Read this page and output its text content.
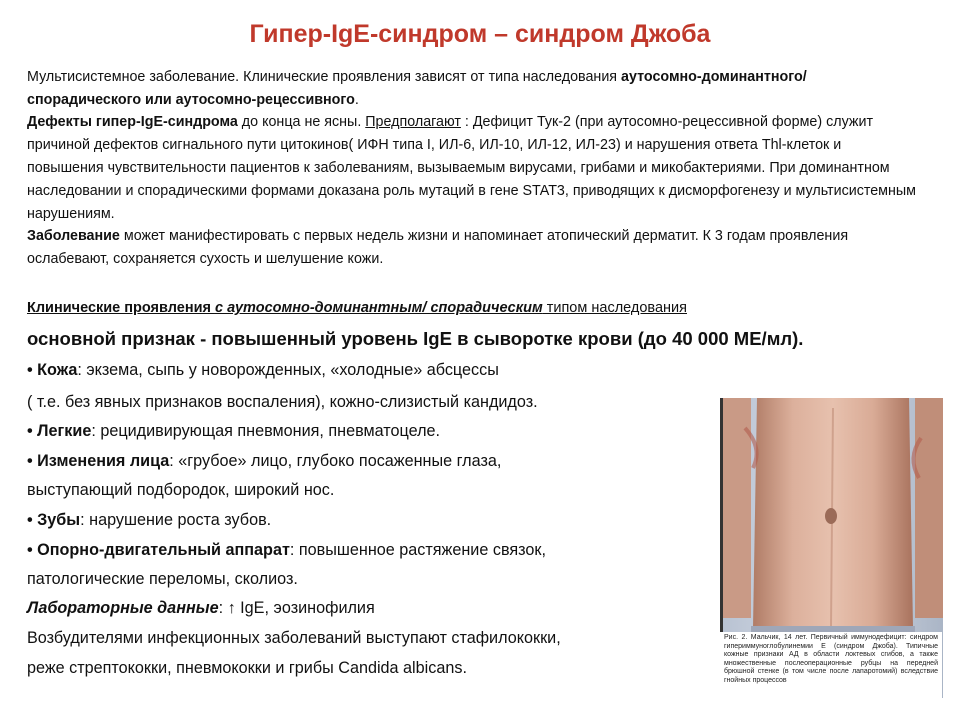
Гипер-IgE-синдром – синдром Джоба
Мультисистемное заболевание. Клинические проявления зависят от типа наследования аутосомно-доминантного/ спорадического или аутосомно-рецессивного.
Дефекты гипер-IgE-синдрома до конца не ясны. Предполагают : Дефицит Тук-2 (при аутосомно-рецессивной форме) служит причиной дефектов сигнального пути цитокинов( ИФН типа I, ИЛ-6, ИЛ-10, ИЛ-12, ИЛ-23) и нарушения ответа Thl-клеток и повышения чувствительности пациентов к заболеваниям, вызываемым вирусами, грибами и микобактериями. При доминантном наследовании и спорадическими формами доказана роль мутаций в гене STAT3, приводящих к дисморфогенезу и мультисистемным нарушениям.
Заболевание может манифестировать с первых недель жизни и напоминает атопический дерматит. К 3 годам проявления ослабевают, сохраняется сухость и шелушение кожи.
Клинические проявления с аутосомно-доминантным/ спорадическим типом наследования
основной признак - повышенный уровень IgE в сыворотке крови (до 40 000 МЕ/мл).
• Кожа: экзема, сыпь у новорожденных, «холодные» абсцессы
( т.е. без явных признаков воспаления), кожно-слизистый кандидоз.
• Легкие: рецидивирующая пневмония, пневматоцеле.
• Изменения лица: «грубое» лицо, глубоко посаженные глаза,
выступающий подбородок, широкий нос.
• Зубы: нарушение роста зубов.
• Опорно-двигательный аппарат: повышенное растяжение связок,
патологические переломы, сколиоз.
Лабораторные данные: ↑ IgE, эозинофилия
Возбудителями инфекционных заболеваний выступают стафилококки,
реже стрептококки, пневмококки и грибы Candida albicans.
Рис. 2. Мальчик, 14 лет. Первичный иммунодефицит: синдром гипериммуноглобулинемии Е (синдром Джоба). Типичные кожные признаки АД в области локтевых сгибов, а также множественные послеоперационные рубцы на передней брюшной стенке (в том числе после лапаротомий) вследствие гнойных процессов
